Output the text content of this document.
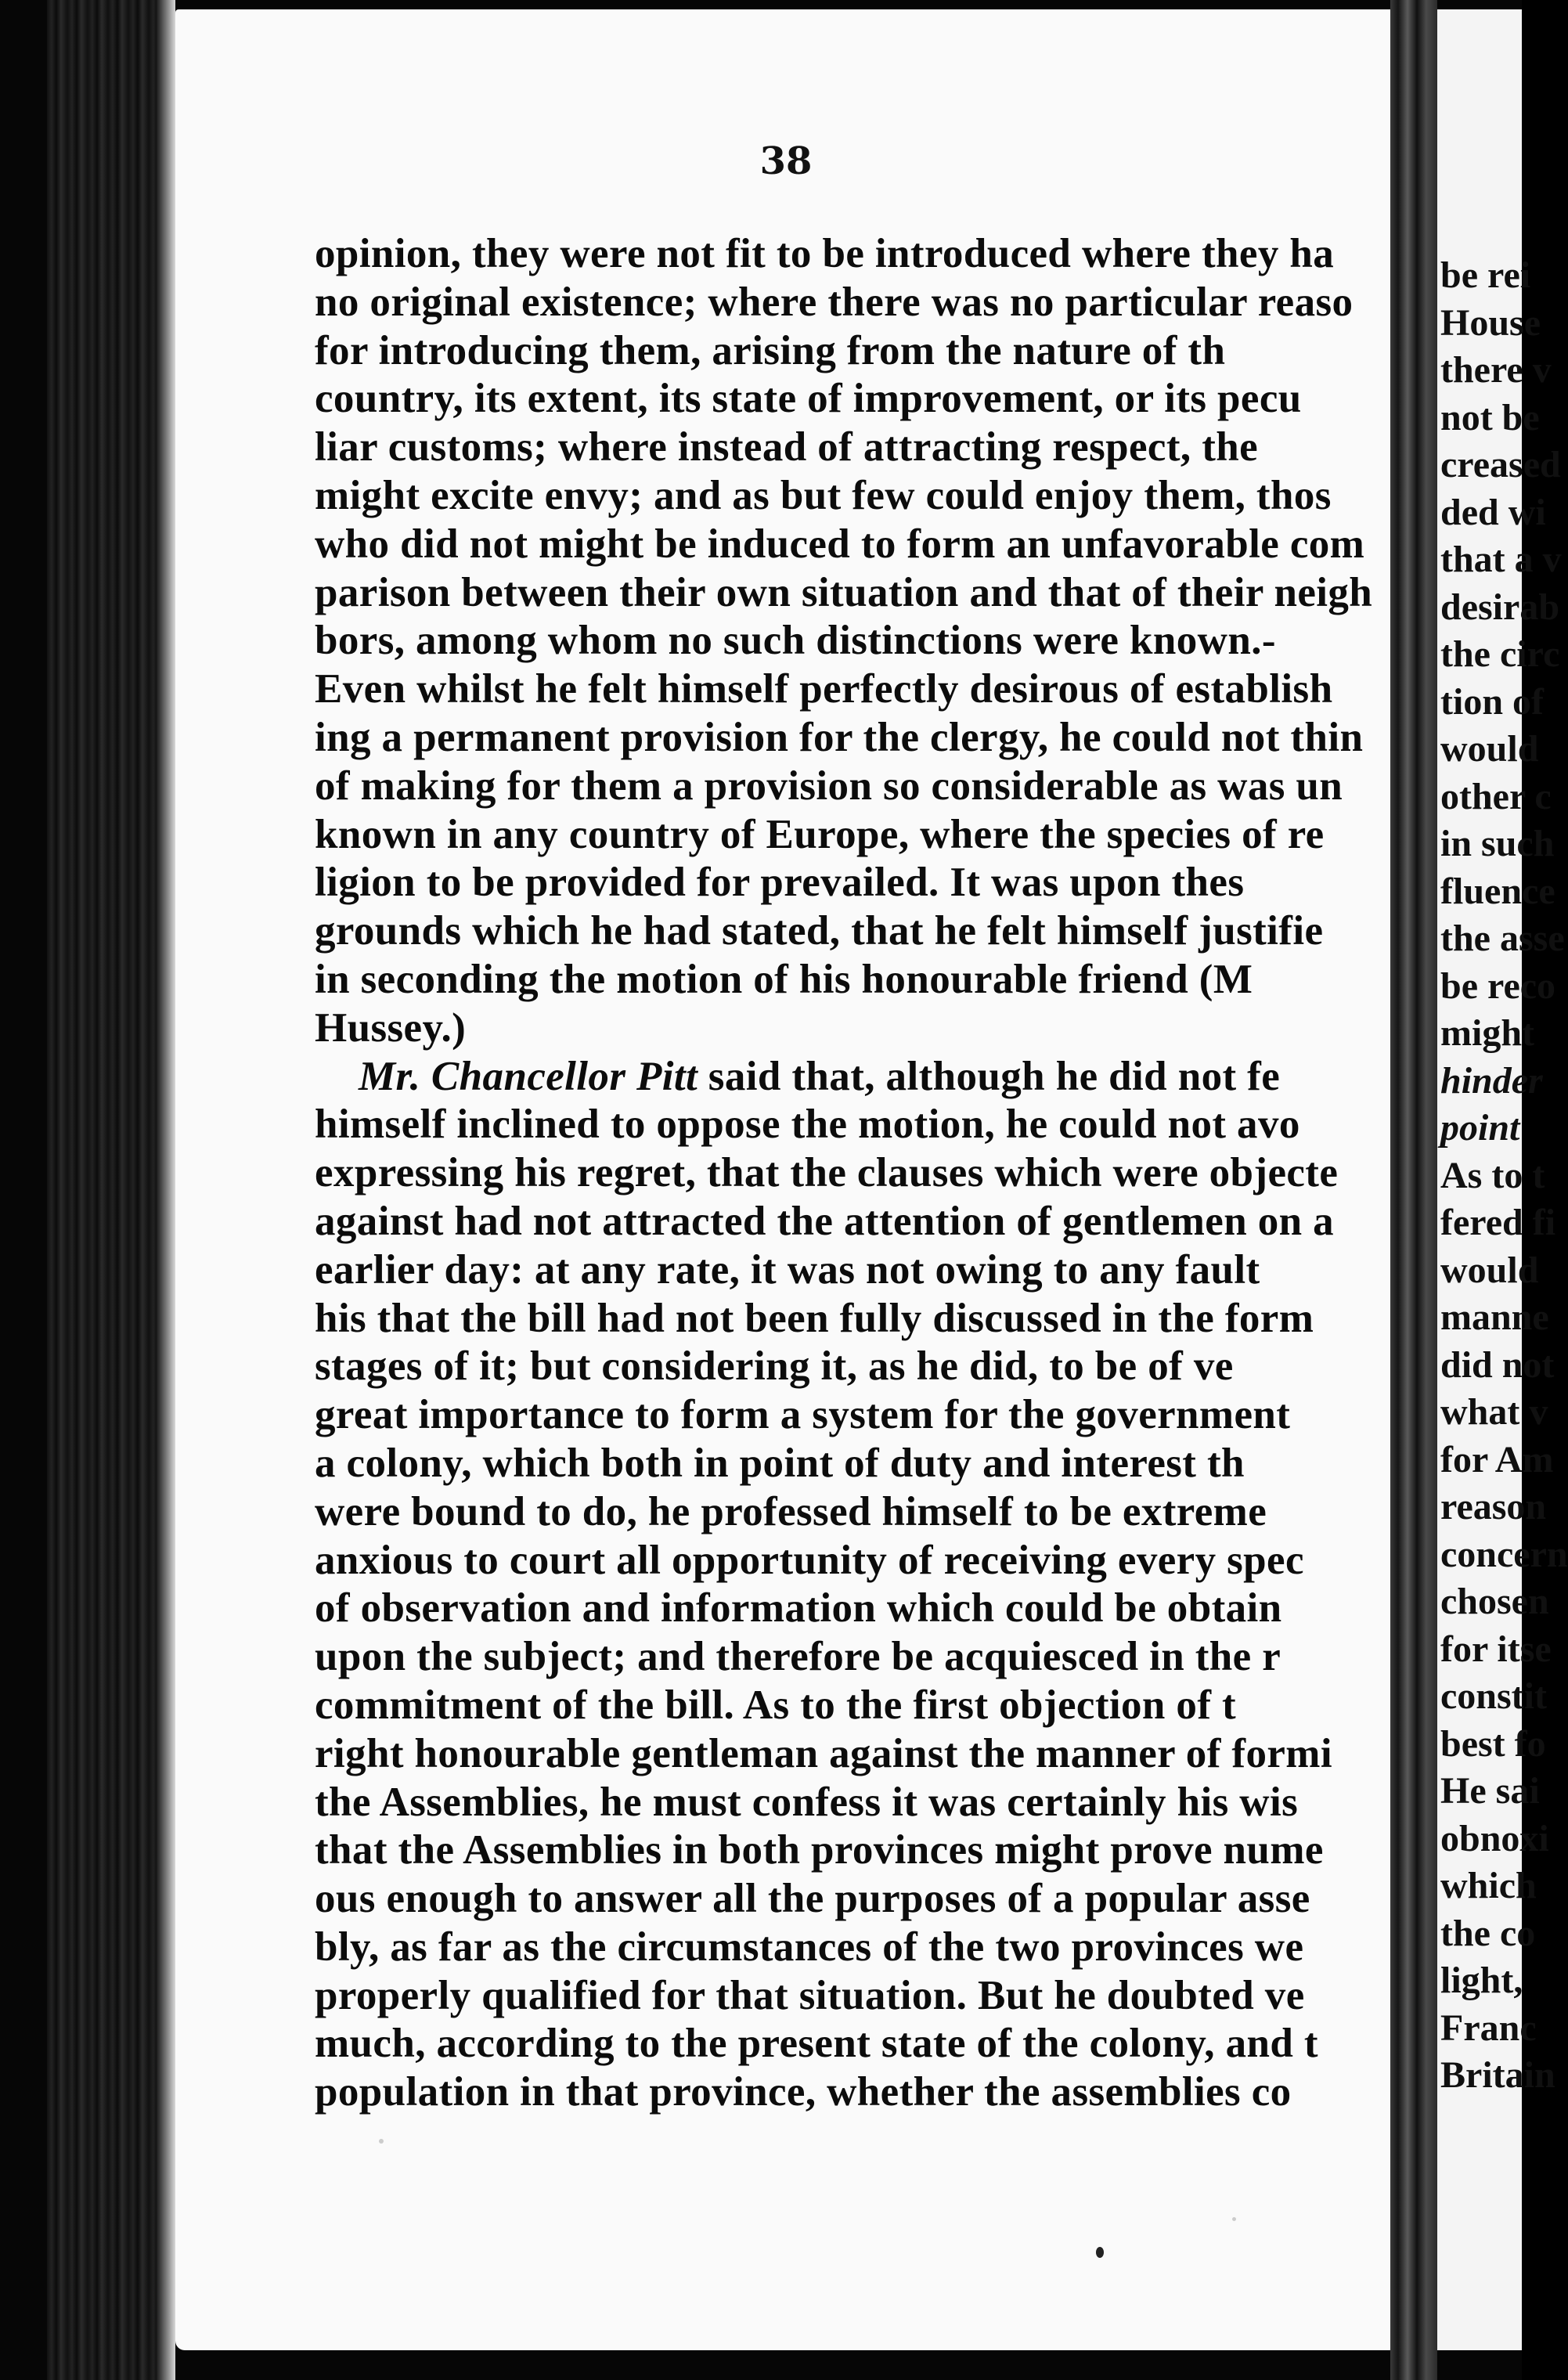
38
opinion, they were not fit to be introduced where they ha
no original existence; where there was no particular reaso
for introducing them, arising from the nature of th
country, its extent, its state of improvement, or its pecu
liar customs; where instead of attracting respect, the
might excite envy; and as but few could enjoy them, thos
who did not might be induced to form an unfavorable com
parison between their own situation and that of their neigh
bors, among whom no such distinctions were known.-
Even whilst he felt himself perfectly desirous of establish
ing a permanent provision for the clergy, he could not thin
of making for them a provision so considerable as was un
known in any country of Europe, where the species of re
ligion to be provided for prevailed. It was upon thes
grounds which he had stated, that he felt himself justifie
in seconding the motion of his honourable friend (M
Hussey.)
Mr. Chancellor Pitt said that, although he did not fe
himself inclined to oppose the motion, he could not avo
expressing his regret, that the clauses which were objecte
against had not attracted the attention of gentlemen on a
earlier day: at any rate, it was not owing to any fault
his that the bill had not been fully discussed in the form
stages of it; but considering it, as he did, to be of ve
great importance to form a system for the government
a colony, which both in point of duty and interest th
were bound to do, he professed himself to be extreme
anxious to court all opportunity of receiving every spec
of observation and information which could be obtain
upon the subject; and therefore be acquiesced in the r
commitment of the bill. As to the first objection of t
right honourable gentleman against the manner of formi
the Assemblies, he must confess it was certainly his wis
that the Assemblies in both provinces might prove nume
ous enough to answer all the purposes of a popular asse
bly, as far as the circumstances of the two provinces we
properly qualified for that situation. But he doubted ve
much, according to the present state of the colony, and t
population in that province, whether the assemblies co
be rei
House
there v
not be
creased
ded wi
that a v
desirab
the circ
tion of
would
other c
in such
fluence
the asse
be reco
might
hinder
point
As to t
fered fi
would
manne
did not
what v
for Am
reason
concern
chosen
for itse
constit
best fo
He sai
obnoxi
which
the co
light,
Franc
Britain
